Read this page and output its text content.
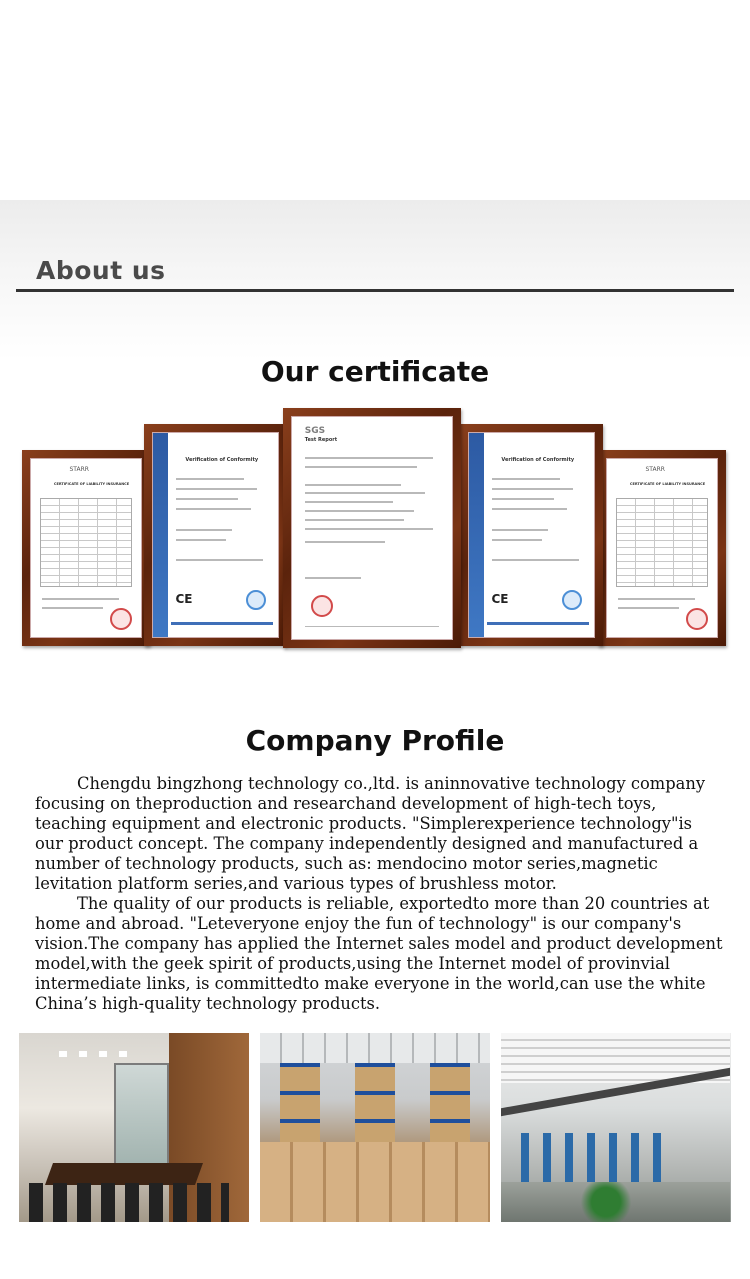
About us
Our certificate
STARR
CERTIFICATE OF LIABILITY INSURANCE
STARR
CERTIFICATE OF LIABILITY INSURANCE
Verification of Conformity
CE
Verification of Conformity
CE
SGS
Test Report
Company Profile

Chengdu bingzhong technology co.,ltd. is aninnovative technology company focusing on theproduction and researchand development of high-tech toys, teaching equipment and electronic products. "Simplerexperience technology"is our product concept. The company independently designed and manufactured a number of technology products, such as: mendocino motor series,magnetic levitation platform series,and various types of brushless motor.

The quality of our products is reliable, exportedto more than 20 countries at home and abroad. "Leteveryone enjoy the fun of technology" is our company's vision.The company has applied the Internet sales model and product development model,with the geek spirit of products,using the Internet model of provinvial intermediate links, is committedto make everyone in the world,can use the white China’s high-quality technology products.
